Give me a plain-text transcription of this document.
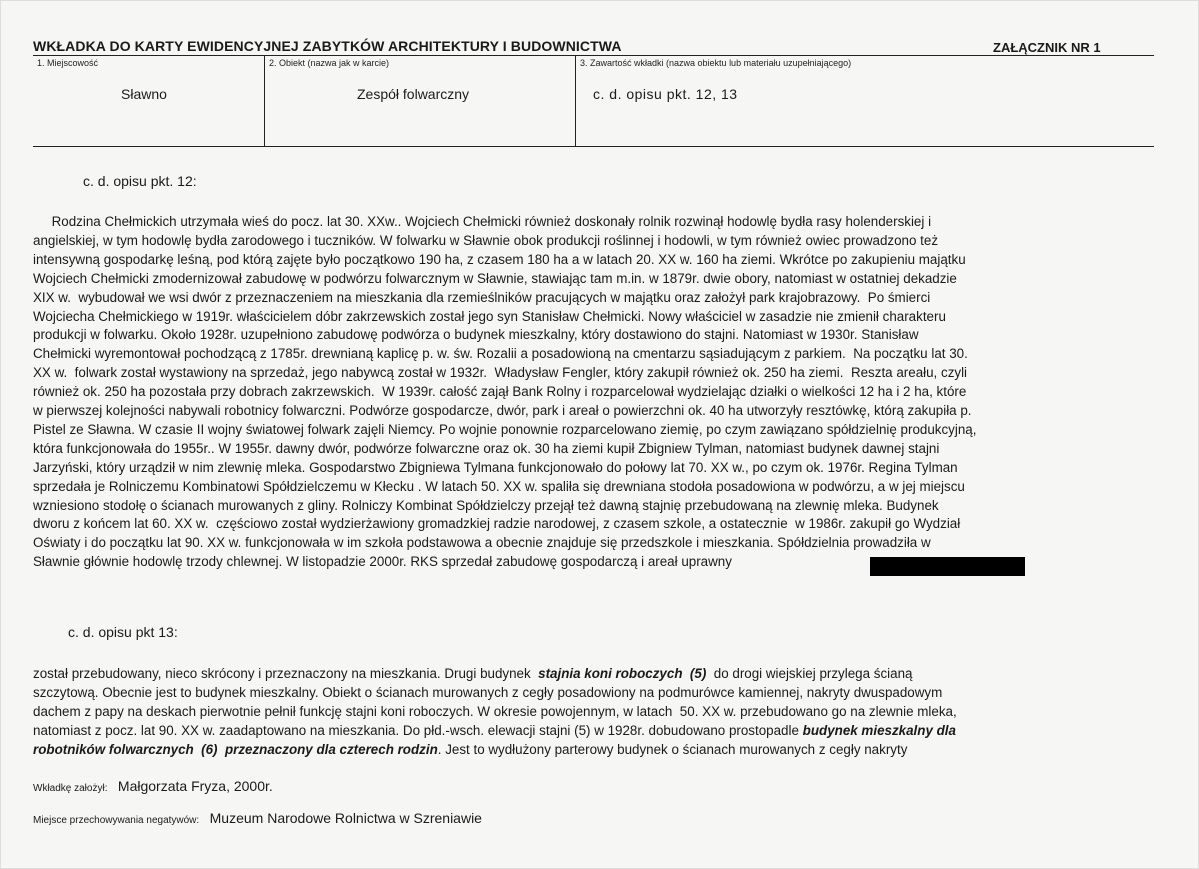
WKŁADKA DO KARTY EWIDENCYJNEJ ZABYTKÓW ARCHITEKTURY I BUDOWNICTWA	ZAŁĄCZNIK NR 1
1. Miejscowość
Sławno
2. Obiekt (nazwa jak w karcie)
Zespół folwarczny
3. Zawartość wkładki (nazwa obiektu lub materiału uzupełniającego)
c. d. opisu pkt. 12, 13
c. d. opisu pkt. 12:

Rodzina Chełmickich utrzymała wieś do pocz. lat 30. XXw.. Wojciech Chełmicki również doskonały rolnik rozwinął hodowlę bydła rasy holenderskiej i

angielskiej, w tym hodowlę bydła zarodowego i tuczników. W folwarku w Sławnie obok produkcji roślinnej i hodowli, w tym również owiec prowadzono też

intensywną gospodarkę leśną, pod którą zajęte było początkowo 190 ha, z czasem 180 ha a w latach 20. XX w. 160 ha ziemi. Wkrótce po zakupieniu majątku

Wojciech Chełmicki zmodernizował zabudowę w podwórzu folwarcznym w Sławnie, stawiając tam m.in. w 1879r. dwie obory, natomiast w ostatniej dekadzie

XIX w.  wybudował we wsi dwór z przeznaczeniem na mieszkania dla rzemieślników pracujących w majątku oraz założył park krajobrazowy.  Po śmierci

Wojciecha Chełmickiego w 1919r. właścicielem dóbr zakrzewskich został jego syn Stanisław Chełmicki. Nowy właściciel w zasadzie nie zmienił charakteru

produkcji w folwarku. Około 1928r. uzupełniono zabudowę podwórza o budynek mieszkalny, który dostawiono do stajni. Natomiast w 1930r. Stanisław

Chełmicki wyremontował pochodzącą z 1785r. drewnianą kaplicę p. w. św. Rozalii a posadowioną na cmentarzu sąsiadującym z parkiem.  Na początku lat 30.

XX w.  folwark został wystawiony na sprzedaż, jego nabywcą został w 1932r.  Władysław Fengler, który zakupił również ok. 250 ha ziemi.  Reszta areału, czyli

również ok. 250 ha pozostała przy dobrach zakrzewskich.  W 1939r. całość zajął Bank Rolny i rozparcelował wydzielając działki o wielkości 12 ha i 2 ha, które

w pierwszej kolejności nabywali robotnicy folwarczni. Podwórze gospodarcze, dwór, park i areał o powierzchni ok. 40 ha utworzyły resztówkę, którą zakupiła p.

Pistel ze Sławna. W czasie II wojny światowej folwark zajęli Niemcy. Po wojnie ponownie rozparcelowano ziemię, po czym zawiązano spółdzielnię produkcyjną,

która funkcjonowała do 1955r.. W 1955r. dawny dwór, podwórze folwarczne oraz ok. 30 ha ziemi kupił Zbigniew Tylman, natomiast budynek dawnej stajni

Jarzyński, który urządził w nim zlewnię mleka. Gospodarstwo Zbigniewa Tylmana funkcjonowało do połowy lat 70. XX w., po czym ok. 1976r. Regina Tylman

sprzedała je Rolniczemu Kombinatowi Spółdzielczemu w Kłecku . W latach 50. XX w. spaliła się drewniana stodoła posadowiona w podwórzu, a w jej miejscu

wzniesiono stodołę o ścianach murowanych z gliny. Rolniczy Kombinat Spółdzielczy przejął też dawną stajnię przebudowaną na zlewnię mleka. Budynek

dworu z końcem lat 60. XX w.  częściowo został wydzierżawiony gromadzkiej radzie narodowej, z czasem szkole, a ostatecznie  w 1986r. zakupił go Wydział

Oświaty i do początku lat 90. XX w. funkcjonowała w im szkoła podstawowa a obecnie znajduje się przedszkole i mieszkania. Spółdzielnia prowadziła w

Sławnie głównie hodowlę trzody chlewnej. W listopadzie 2000r. RKS sprzedał zabudowę gospodarczą i areał uprawny

c. d. opisu pkt 13:

został przebudowany, nieco skrócony i przeznaczony na mieszkania. Drugi budynek  stajnia koni roboczych  (5)  do drogi wiejskiej przylega ścianą

szczytową. Obecnie jest to budynek mieszkalny. Obiekt o ścianach murowanych z cegły posadowiony na podmurówce kamiennej, nakryty dwuspadowym

dachem z papy na deskach pierwotnie pełnił funkcję stajni koni roboczych. W okresie powojennym, w latach  50. XX w. przebudowano go na zlewnie mleka,

natomiast z pocz. lat 90. XX w. zaadaptowano na mieszkania. Do płd.-wsch. elewacji stajni (5) w 1928r. dobudowano prostopadle budynek mieszkalny dla

robotników folwarcznych  (6)  przeznaczony dla czterech rodzin. Jest to wydłużony parterowy budynek o ścianach murowanych z cegły nakryty

Wkładkę założył: Małgorzata Fryza, 2000r.
Miejsce przechowywania negatywów: Muzeum Narodowe Rolnictwa w Szreniawie
